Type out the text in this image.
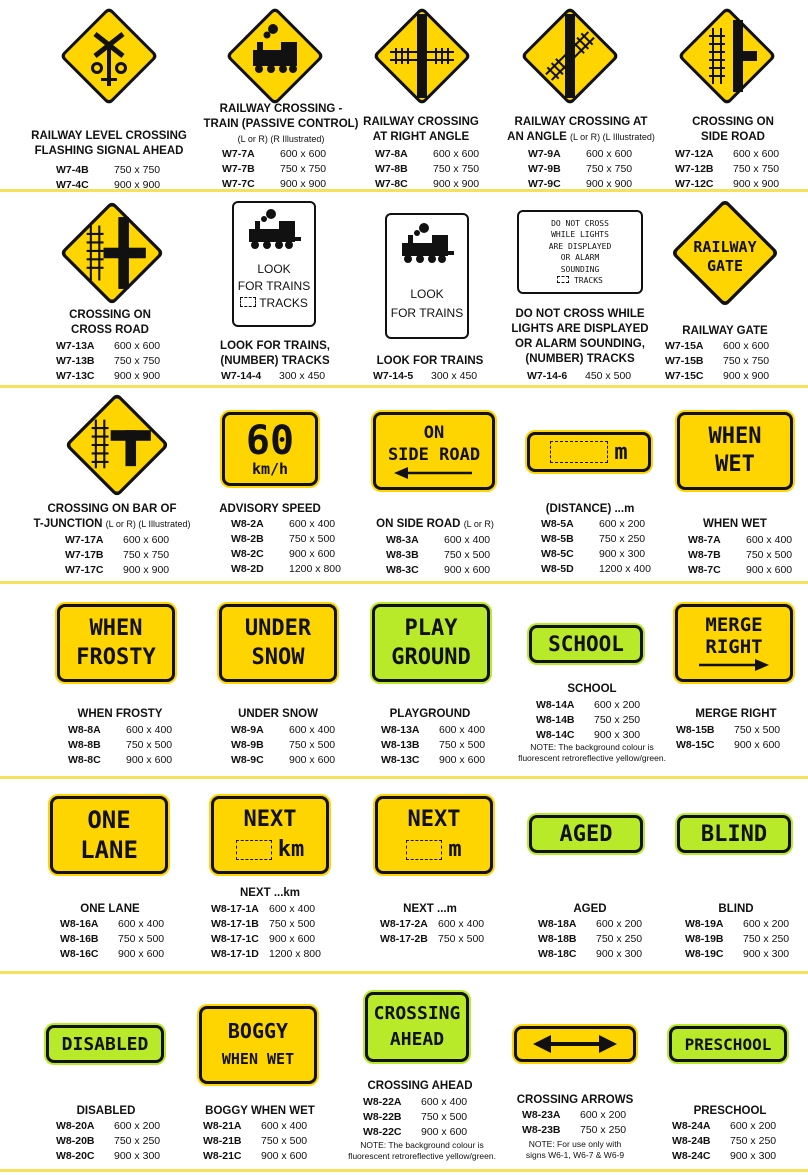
RAILWAY LEVEL CROSSING
FLASHING SIGNAL AHEAD
W7-4B 750 x 750
W7-4C 900 x 900
RAILWAY CROSSING -
TRAIN (PASSIVE CONTROL)
(L or R) (R Illustrated)
W7-7A 600 x 600
W7-7B 750 x 750
W7-7C 900 x 900
RAILWAY CROSSING
AT RIGHT ANGLE
W7-8A 600 x 600
W7-8B 750 x 750
W7-8C 900 x 900
RAILWAY CROSSING AT
AN ANGLE (L or R) (L Illustrated)
W7-9A 600 x 600
W7-9B 750 x 750
W7-9C 900 x 900
CROSSING ON
SIDE ROAD
W7-12A 600 x 600
W7-12B 750 x 750
W7-12C 900 x 900
LOOK
FOR TRAINS
TRACKS
LOOK
FOR TRAINS
DO NOT CROSS
WHILE LIGHTS
ARE DISPLAYED
OR ALARM
SOUNDING
TRACKS
RAILWAY
GATE
CROSSING ON
CROSS ROAD
W7-13A 600 x 600
W7-13B 750 x 750
W7-13C 900 x 900
LOOK FOR TRAINS,
(NUMBER) TRACKS
W7-14-4 300 x 450
LOOK FOR TRAINS
W7-14-5 300 x 450
DO NOT CROSS WHILE
LIGHTS ARE DISPLAYED
OR ALARM SOUNDING,
(NUMBER) TRACKS
W7-14-6 450 x 500
RAILWAY GATE
W7-15A 600 x 600
W7-15B 750 x 750
W7-15C 900 x 900
60
km/h
ON
SIDE ROAD	m
WHEN
WET
CROSSING ON BAR OF
T-JUNCTION (L or R) (L Illustrated)
W7-17A 600 x 600
W7-17B 750 x 750
W7-17C 900 x 900
ADVISORY SPEED
W8-2A 600 x 400
W8-2B 750 x 500
W8-2C 900 x 600
W8-2D 1200 x 800
ON SIDE ROAD (L or R)
W8-3A 600 x 400
W8-3B 750 x 500
W8-3C 900 x 600
(DISTANCE) ...m
W8-5A 600 x 200
W8-5B 750 x 250
W8-5C 900 x 300
W8-5D 1200 x 400
WHEN WET
W8-7A 600 x 400
W8-7B 750 x 500
W8-7C 900 x 600
WHEN
FROSTY
UNDER
SNOW
PLAY
GROUND
SCHOOL
MERGE
RIGHT
WHEN FROSTY
W8-8A 600 x 400
W8-8B 750 x 500
W8-8C 900 x 600
UNDER SNOW
W8-9A 600 x 400
W8-9B 750 x 500
W8-9C 900 x 600
PLAYGROUND
W8-13A 600 x 400
W8-13B 750 x 500
W8-13C 900 x 600
SCHOOL
W8-14A 600 x 200
W8-14B 750 x 250
W8-14C 900 x 300
NOTE: The background colour is
fluorescent retroreflective yellow/green.
MERGE RIGHT
W8-15B 750 x 500
W8-15C 900 x 600
ONE
LANE
NEXT
km
NEXT
m
AGED	BLIND
ONE LANE
W8-16A 600 x 400
W8-16B 750 x 500
W8-16C 900 x 600
NEXT ...km
W8-17-1A 600 x 400
W8-17-1B 750 x 500
W8-17-1C 900 x 600
W8-17-1D 1200 x 800
NEXT ...m
W8-17-2A 600 x 400
W8-17-2B 750 x 500
AGED
W8-18A 600 x 200
W8-18B 750 x 250
W8-18C 900 x 300
BLIND
W8-19A 600 x 200
W8-19B 750 x 250
W8-19C 900 x 300
DISABLED
BOGGY
WHEN WET
CROSSING
AHEAD	PRESCHOOL
DISABLED
W8-20A 600 x 200
W8-20B 750 x 250
W8-20C 900 x 300
BOGGY WHEN WET
W8-21A 600 x 400
W8-21B 750 x 500
W8-21C 900 x 600
CROSSING AHEAD
W8-22A 600 x 400
W8-22B 750 x 500
W8-22C 900 x 600
NOTE: The background colour is
fluorescent retroreflective yellow/green.
CROSSING ARROWS
W8-23A 600 x 200
W8-23B 750 x 250
NOTE: For use only with
signs W6-1, W6-7 & W6-9
PRESCHOOL
W8-24A 600 x 200
W8-24B 750 x 250
W8-24C 900 x 300
